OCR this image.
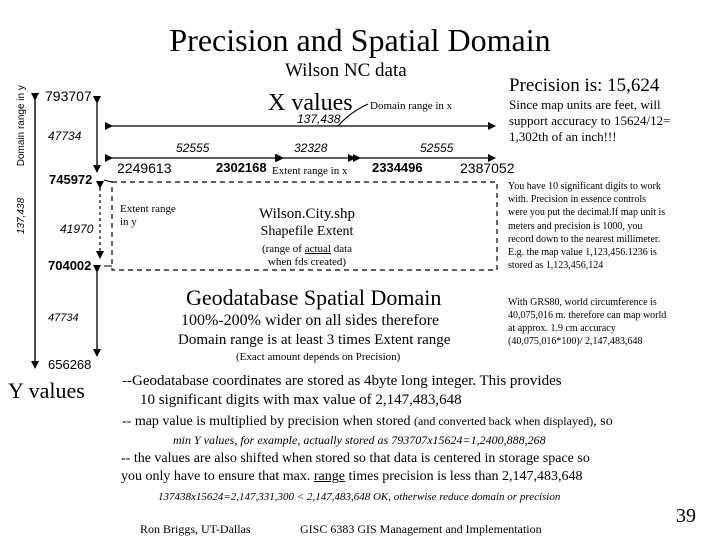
Precision and Spatial Domain
Wilson NC data
137,438  Domain range in y 793707
47734
745972
41970
704002
47734
656268
Y values
X values Domain range in x
137,438
52555	32328	52555
2249613	2302168 Extent range in x 2334496	2387052
Extent range
in y	Wilson.City.shp
Shapefile Extent
(range of actual data
when fds created)
Geodatabase Spatial Domain
100%-200% wider on all sides therefore
Domain range is at least 3 times Extent range
(Exact amount depends on Precision)
Precision is: 15,624
Since map units are feet, will
support accuracy to 15624/12=
1,302th of an inch!!!
You have 10 significant digits to work
with. Precision in essence controls
were you put the decimal.If map unit is
meters and precision is 1000, you
record down to the nearest millimeter.
E.g. the map value 1,123,456.1236 is
stored as 1,123,456,124
With GRS80, world circumference is
40,075,016 m. therefore can map world
at approx. 1.9 cm accuracy
(40,075,016*100)/ 2,147,483,648
--Geodatabase coordinates are stored as 4byte long integer. This provides
10 significant digits with max value of 2,147,483,648
-- map value is multiplied by precision when stored (and converted back when displayed), so
min Y values, for example, actually stored as 793707x15624=1,2400,888,268
-- the values are also shifted when stored so that data is centered in storage space so
you only have to ensure that max. range times precision is less than 2,147,483,648
137438x15624=2,147,331,300 < 2,147,483,648 OK, otherwise reduce domain or precision
Ron Briggs, UT-Dallas	GISC 6383 GIS Management and Implementation
39
